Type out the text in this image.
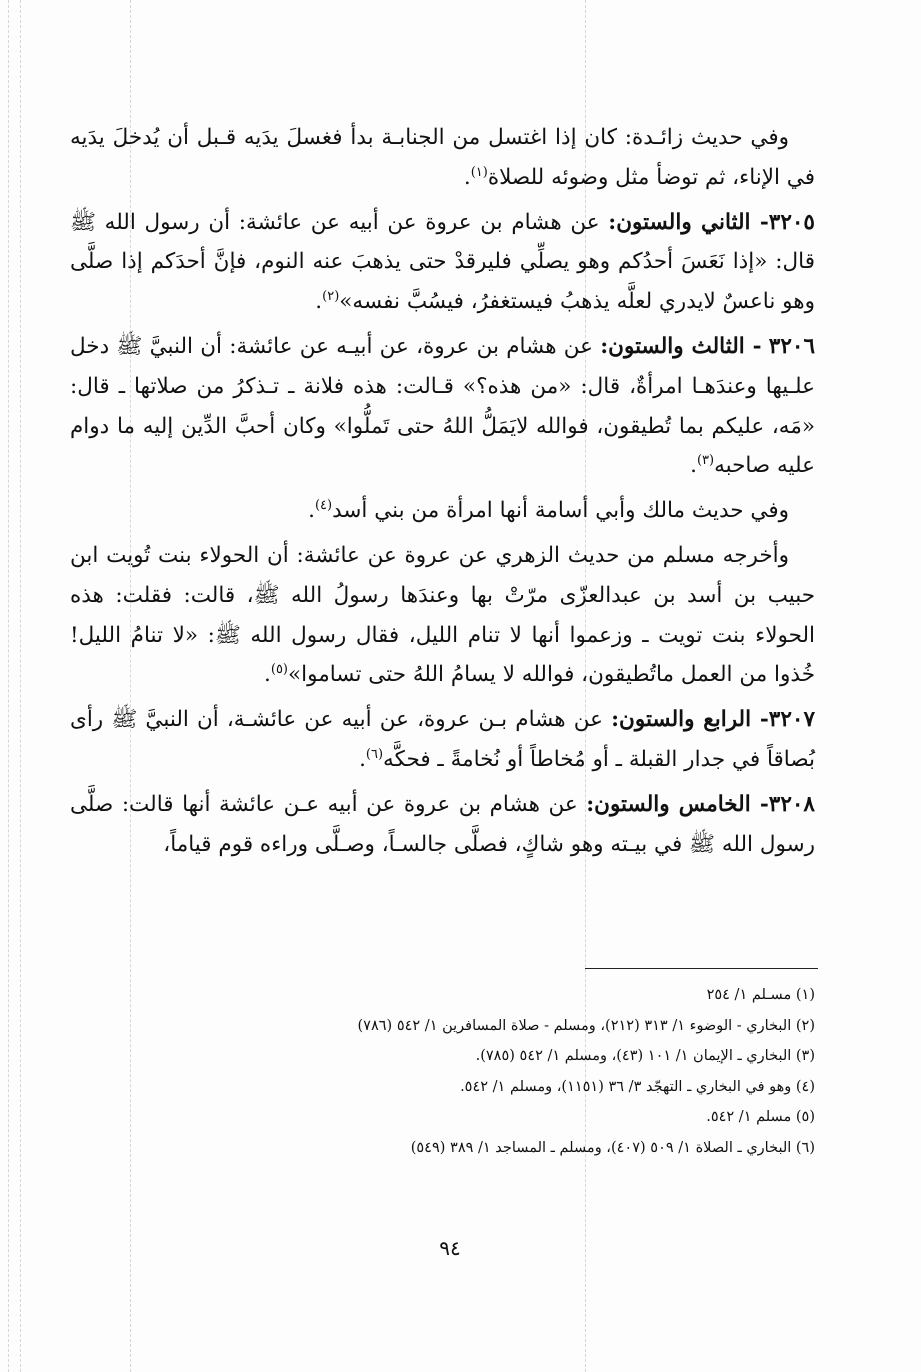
وفي حديث زائـدة: كان إذا اغتسل من الجنابـة بدأ فغسلَ يدَيه قـبل أن يُدخلَ يدَيه في الإناء، ثم توضأ مثل وضوئه للصلاة$^{(١)}$.

٣٢٠٥- الثاني والستون: عن هشام بن عروة عن أبيه عن عائشة: أن رسول الله ﷺ قال: «إذا نَعَسَ أحدُكم وهو يصلِّي فليرقدْ حتى يذهبَ عنه النوم، فإنَّ أحدَكم إذا صلَّى وهو ناعسٌ لايدري لعلَّه يذهبُ فيستغفرُ، فيسُبَّ نفسه»$^{(٢)}$.

٣٢٠٦ - الثالث والستون: عن هشام بن عروة، عن أبيـه عن عائشة: أن النبيَّ ﷺ دخل علـيها وعندَهـا امرأةٌ، قال: «من هذه؟» قـالت: هذه فلانة ـ تـذكرُ من صلاتها ـ قال: «مَه، عليكم بما تُطيقون، فوالله لايَمَلُّ اللهُ حتى تَملُّوا» وكان أحبَّ الدِّين إليه ما دوام عليه صاحبه$^{(٣)}$.

وفي حديث مالك وأبي أسامة أنها امرأة من بني أسد$^{(٤)}$.

وأخرجه مسلم من حديث الزهري عن عروة عن عائشة: أن الحولاء بنت تُويت ابن حبيب بن أسد بن عبدالعزّى مرّتْ بها وعندَها رسولُ الله ﷺ، قالت: فقلت: هذه الحولاء بنت تويت ـ وزعموا أنها لا تنام الليل، فقال رسول الله ﷺ: «لا تنامُ الليل! خُذوا من العمل ماتُطيقون، فوالله لا يسامُ اللهُ حتى تساموا»$^{(٥)}$.

٣٢٠٧- الرابع والستون: عن هشام بـن عروة، عن أبيه عن عائشـة، أن النبيَّ ﷺ رأى بُصاقاً في جدار القبلة ـ أو مُخاطاً أو نُخامةً ـ فحكَّه$^{(٦)}$.

٣٢٠٨- الخامس والستون: عن هشام بن عروة عن أبيه عـن عائشة أنها قالت: صلَّى رسول الله ﷺ في بيـته وهو شاكٍ، فصلَّى جالسـاً، وصـلَّى وراءه قوم قياماً،

(١) مسـلم ١/ ٢٥٤

(٢) البخاري - الوضوء ١/ ٣١٣ (٢١٢)، ومسلم - صلاة المسافرين ١/ ٥٤٢ (٧٨٦)

(٣) البخاري ـ الإيمان ١/ ١٠١ (٤٣)، ومسلم ١/ ٥٤٢ (٧٨٥).

(٤) وهو في البخاري ـ التهجّد ٣/ ٣٦ (١١٥١)، ومسلم ١/ ٥٤٢.

(٥) مسلم ١/ ٥٤٢.

(٦) البخاري ـ الصلاة ١/ ٥٠٩ (٤٠٧)، ومسلم ـ المساجد ١/ ٣٨٩ (٥٤٩)

٩٤
